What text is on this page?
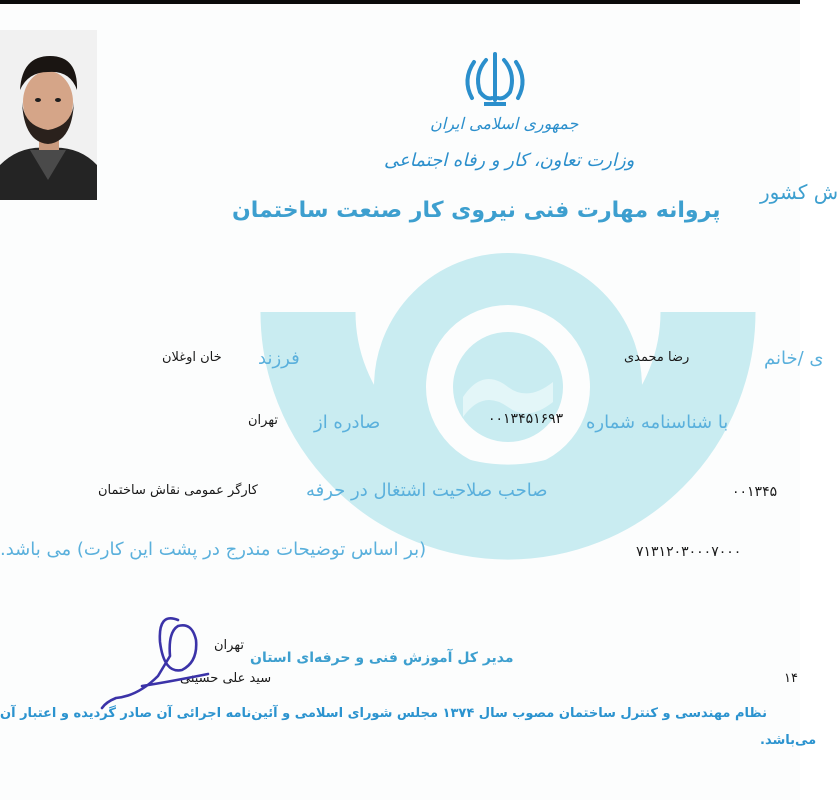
جمهوری اسلامی ایران
وزارت تعاون، کار و رفاه اجتماعی
ش کشور
پروانه مهارت فنی نیروی کار صنعت ساختمان
فرزند
خان اوغلان	رضا محمدی	ی /خانم
صادره از
تهران	۰۰۱۳۴۵۱۶۹۳ با شناسنامه شماره
کارگر عمومی نقاش ساختمان	صاحب صلاحیت اشتغال در حرفه	۰۰۱۳۴۵
(بر اساس توضیحات مندرج در پشت این کارت) می باشد.	۷۱۳۱۲۰۳۰۰۰۷۰۰۰
تهران
مدیر کل آموزش فنی و حرفه‌ای استان
سید علی حسینی	۱۴
نظام مهندسی و کنترل ساختمان مصوب سال ۱۳۷۴ مجلس شورای اسلامی و آئین‌نامه اجرائی آن صادر گردیده و اعتبار آن
می‌باشد.
